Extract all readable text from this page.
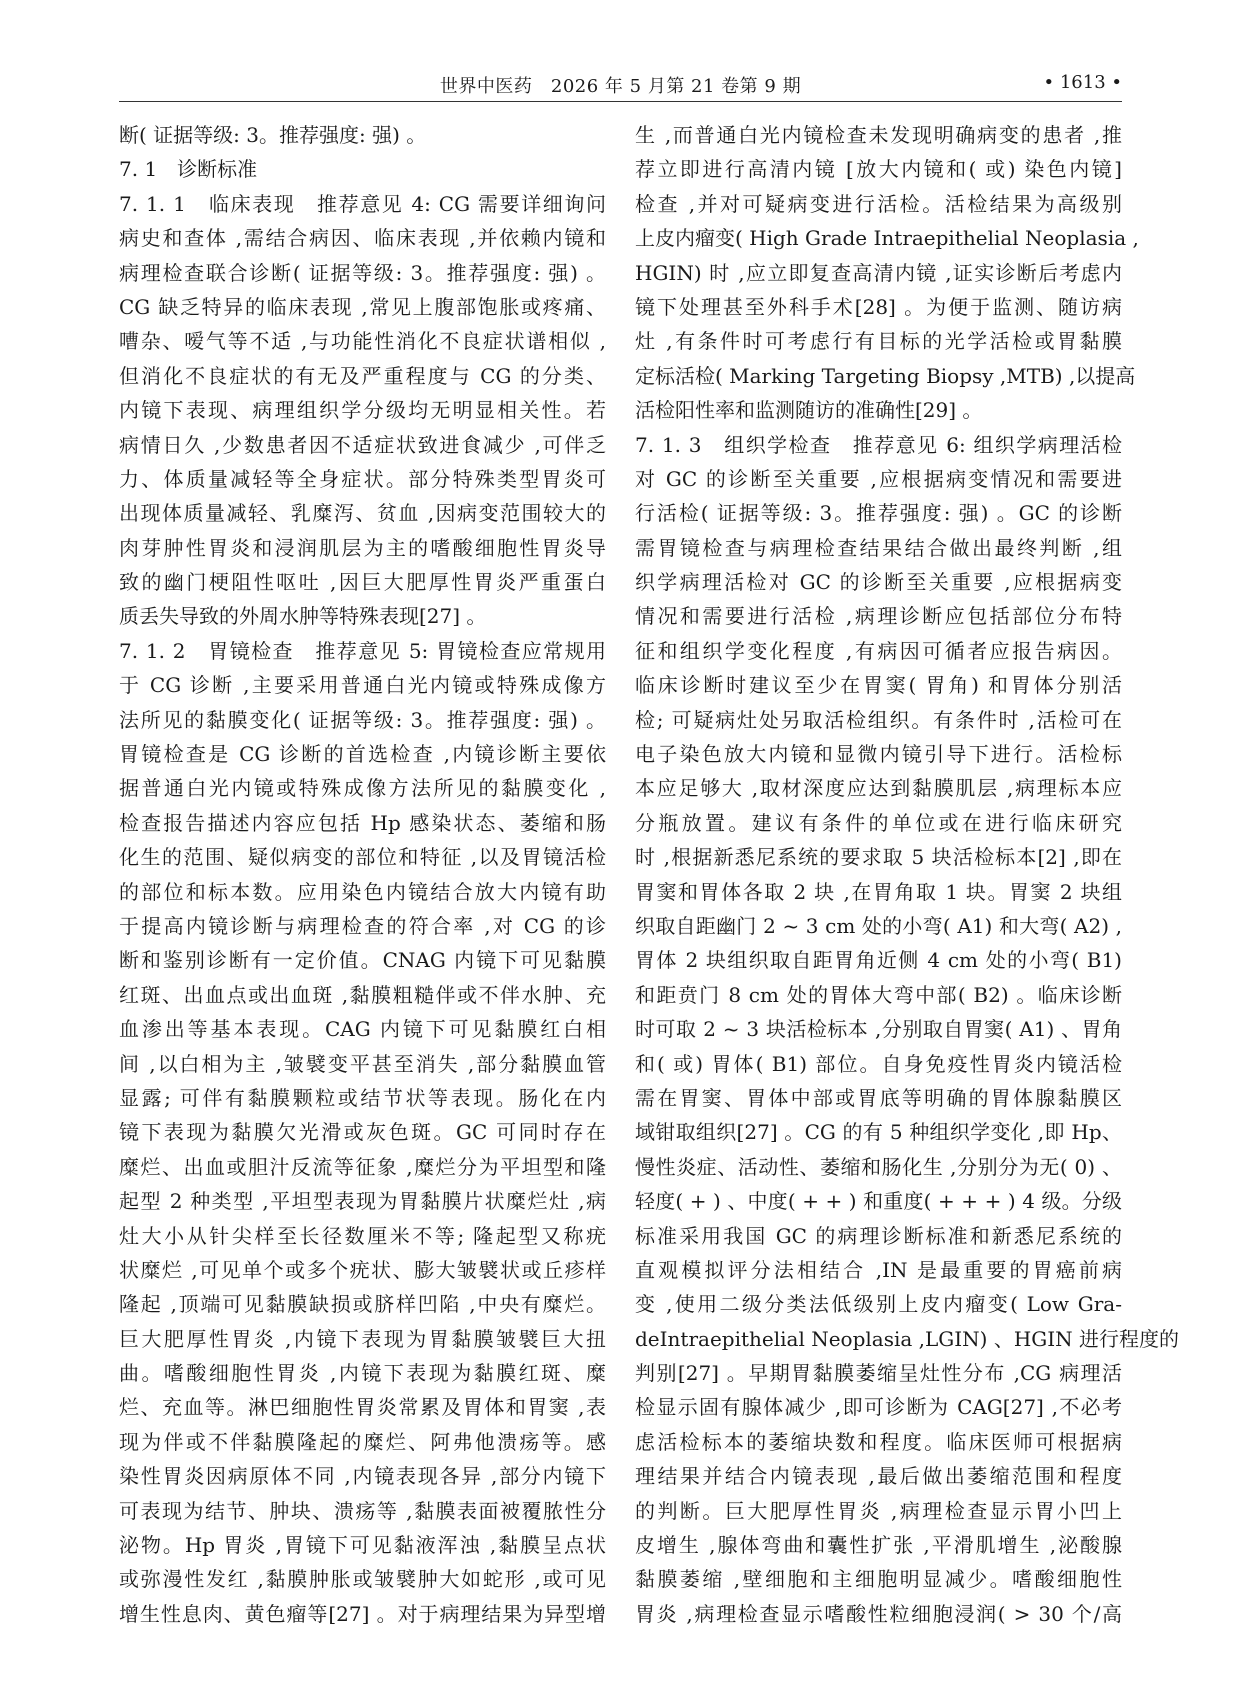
世界中医药　2026 年 5 月第 21 卷第 9 期	• 1613 •
断( 证据等级: 3。推荐强度: 强) 。
7. 1　诊断标准
7. 1. 1　临床表现　推荐意见 4: CG 需要详细询问
病史和查体 ,需结合病因、临床表现 ,并依赖内镜和
病理检查联合诊断( 证据等级: 3。推荐强度: 强) 。
CG 缺乏特异的临床表现 ,常见上腹部饱胀或疼痛、
嘈杂、嗳气等不适 ,与功能性消化不良症状谱相似 ,
但消化不良症状的有无及严重程度与 CG 的分类、
内镜下表现、病理组织学分级均无明显相关性。若
病情日久 ,少数患者因不适症状致进食减少 ,可伴乏
力、体质量减轻等全身症状。部分特殊类型胃炎可
出现体质量减轻、乳糜泻、贫血 ,因病变范围较大的
肉芽肿性胃炎和浸润肌层为主的嗜酸细胞性胃炎导
致的幽门梗阻性呕吐 ,因巨大肥厚性胃炎严重蛋白
质丢失导致的外周水肿等特殊表现[27] 。
7. 1. 2　胃镜检查　推荐意见 5: 胃镜检查应常规用
于 CG 诊断 ,主要采用普通白光内镜或特殊成像方
法所见的黏膜变化( 证据等级: 3。推荐强度: 强) 。
胃镜检查是 CG 诊断的首选检查 ,内镜诊断主要依
据普通白光内镜或特殊成像方法所见的黏膜变化 ,
检查报告描述内容应包括 Hp 感染状态、萎缩和肠
化生的范围、疑似病变的部位和特征 ,以及胃镜活检
的部位和标本数。应用染色内镜结合放大内镜有助
于提高内镜诊断与病理检查的符合率 ,对 CG 的诊
断和鉴别诊断有一定价值。CNAG 内镜下可见黏膜
红斑、出血点或出血斑 ,黏膜粗糙伴或不伴水肿、充
血渗出等基本表现。CAG 内镜下可见黏膜红白相
间 ,以白相为主 ,皱襞变平甚至消失 ,部分黏膜血管
显露; 可伴有黏膜颗粒或结节状等表现。肠化在内
镜下表现为黏膜欠光滑或灰色斑。GC 可同时存在
糜烂、出血或胆汁反流等征象 ,糜烂分为平坦型和隆
起型 2 种类型 ,平坦型表现为胃黏膜片状糜烂灶 ,病
灶大小从针尖样至长径数厘米不等; 隆起型又称疣
状糜烂 ,可见单个或多个疣状、膨大皱襞状或丘疹样
隆起 ,顶端可见黏膜缺损或脐样凹陷 ,中央有糜烂。
巨大肥厚性胃炎 ,内镜下表现为胃黏膜皱襞巨大扭
曲。嗜酸细胞性胃炎 ,内镜下表现为黏膜红斑、糜
烂、充血等。淋巴细胞性胃炎常累及胃体和胃窦 ,表
现为伴或不伴黏膜隆起的糜烂、阿弗他溃疡等。感
染性胃炎因病原体不同 ,内镜表现各异 ,部分内镜下
可表现为结节、肿块、溃疡等 ,黏膜表面被覆脓性分
泌物。Hp 胃炎 ,胃镜下可见黏液浑浊 ,黏膜呈点状
或弥漫性发红 ,黏膜肿胀或皱襞肿大如蛇形 ,或可见
增生性息肉、黄色瘤等[27] 。对于病理结果为异型增
生 ,而普通白光内镜检查未发现明确病变的患者 ,推
荐立即进行高清内镜 [放大内镜和( 或) 染色内镜]
检查 ,并对可疑病变进行活检。活检结果为高级别
上皮内瘤变( High Grade Intraepithelial Neoplasia ,
HGIN) 时 ,应立即复查高清内镜 ,证实诊断后考虑内
镜下处理甚至外科手术[28] 。为便于监测、随访病
灶 ,有条件时可考虑行有目标的光学活检或胃黏膜
定标活检( Marking Targeting Biopsy ,MTB) ,以提高
活检阳性率和监测随访的准确性[29] 。
7. 1. 3　组织学检查　推荐意见 6: 组织学病理活检
对 GC 的诊断至关重要 ,应根据病变情况和需要进
行活检( 证据等级: 3。推荐强度: 强) 。GC 的诊断
需胃镜检查与病理检查结果结合做出最终判断 ,组
织学病理活检对 GC 的诊断至关重要 ,应根据病变
情况和需要进行活检 ,病理诊断应包括部位分布特
征和组织学变化程度 ,有病因可循者应报告病因。
临床诊断时建议至少在胃窦( 胃角) 和胃体分别活
检; 可疑病灶处另取活检组织。有条件时 ,活检可在
电子染色放大内镜和显微内镜引导下进行。活检标
本应足够大 ,取材深度应达到黏膜肌层 ,病理标本应
分瓶放置。建议有条件的单位或在进行临床研究
时 ,根据新悉尼系统的要求取 5 块活检标本[2] ,即在
胃窦和胃体各取 2 块 ,在胃角取 1 块。胃窦 2 块组
织取自距幽门 2 ~ 3 cm 处的小弯( A1) 和大弯( A2) ,
胃体 2 块组织取自距胃角近侧 4 cm 处的小弯( B1)
和距贲门 8 cm 处的胃体大弯中部( B2) 。临床诊断
时可取 2 ~ 3 块活检标本 ,分别取自胃窦( A1) 、胃角
和( 或) 胃体( B1) 部位。自身免疫性胃炎内镜活检
需在胃窦、胃体中部或胃底等明确的胃体腺黏膜区
域钳取组织[27] 。CG 的有 5 种组织学变化 ,即 Hp、
慢性炎症、活动性、萎缩和肠化生 ,分别分为无( 0) 、
轻度( + ) 、中度( + + ) 和重度( + + + ) 4 级。分级
标准采用我国 GC 的病理诊断标准和新悉尼系统的
直观模拟评分法相结合 ,IN 是最重要的胃癌前病
变 ,使用二级分类法低级别上皮内瘤变( Low Gra-
deIntraepithelial Neoplasia ,LGIN) 、HGIN 进行程度的
判别[27] 。早期胃黏膜萎缩呈灶性分布 ,CG 病理活
检显示固有腺体减少 ,即可诊断为 CAG[27] ,不必考
虑活检标本的萎缩块数和程度。临床医师可根据病
理结果并结合内镜表现 ,最后做出萎缩范围和程度
的判断。巨大肥厚性胃炎 ,病理检查显示胃小凹上
皮增生 ,腺体弯曲和囊性扩张 ,平滑肌增生 ,泌酸腺
黏膜萎缩 ,壁细胞和主细胞明显减少。嗜酸细胞性
胃炎 ,病理检查显示嗜酸性粒细胞浸润( > 30 个/高
